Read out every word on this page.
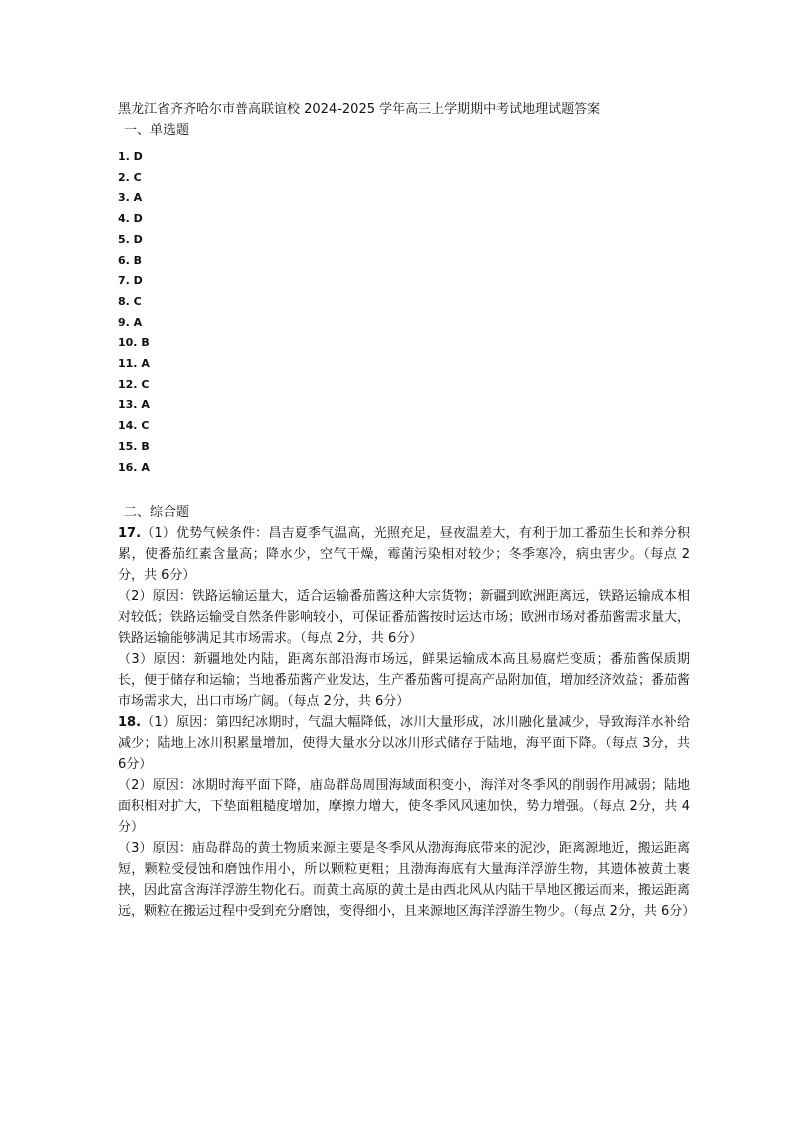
黑龙江省齐齐哈尔市普高联谊校 2024-2025 学年高三上学期期中考试地理试题答案
一、单选题
1. D
2. C
3. A
4. D
5. D
6. B
7. D
8. C
9. A
10. B
11. A
12. C
13. A
14. C
15. B
16. A
二、综合题

17.（1）优势气候条件：昌吉夏季气温高，光照充足，昼夜温差大，有利于加工番茄生长和养分积累，使番茄红素含量高；降水少，空气干燥，霉菌污染相对较少；冬季寒冷，病虫害少。（每点 2分，共 6分）

（2）原因：铁路运输运量大，适合运输番茄酱这种大宗货物；新疆到欧洲距离远，铁路运输成本相对较低；铁路运输受自然条件影响较小，可保证番茄酱按时运达市场；欧洲市场对番茄酱需求量大，铁路运输能够满足其市场需求。（每点 2分，共 6分）

（3）原因：新疆地处内陆，距离东部沿海市场远，鲜果运输成本高且易腐烂变质；番茄酱保质期长，便于储存和运输；当地番茄酱产业发达，生产番茄酱可提高产品附加值，增加经济效益；番茄酱市场需求大，出口市场广阔。（每点 2分，共 6分）

18.（1）原因：第四纪冰期时，气温大幅降低，冰川大量形成，冰川融化量减少，导致海洋水补给减少；陆地上冰川积累量增加，使得大量水分以冰川形式储存于陆地，海平面下降。（每点 3分，共 6分）

（2）原因：冰期时海平面下降，庙岛群岛周围海域面积变小，海洋对冬季风的削弱作用减弱；陆地面积相对扩大，下垫面粗糙度增加，摩擦力增大，使冬季风风速加快，势力增强。（每点 2分，共 4分）

（3）原因：庙岛群岛的黄土物质来源主要是冬季风从渤海海底带来的泥沙，距离源地近，搬运距离短，颗粒受侵蚀和磨蚀作用小，所以颗粒更粗；且渤海海底有大量海洋浮游生物，其遗体被黄土裹挟，因此富含海洋浮游生物化石。而黄土高原的黄土是由西北风从内陆干旱地区搬运而来，搬运距离远，颗粒在搬运过程中受到充分磨蚀，变得细小，且来源地区海洋浮游生物少。（每点 2分，共 6分）
